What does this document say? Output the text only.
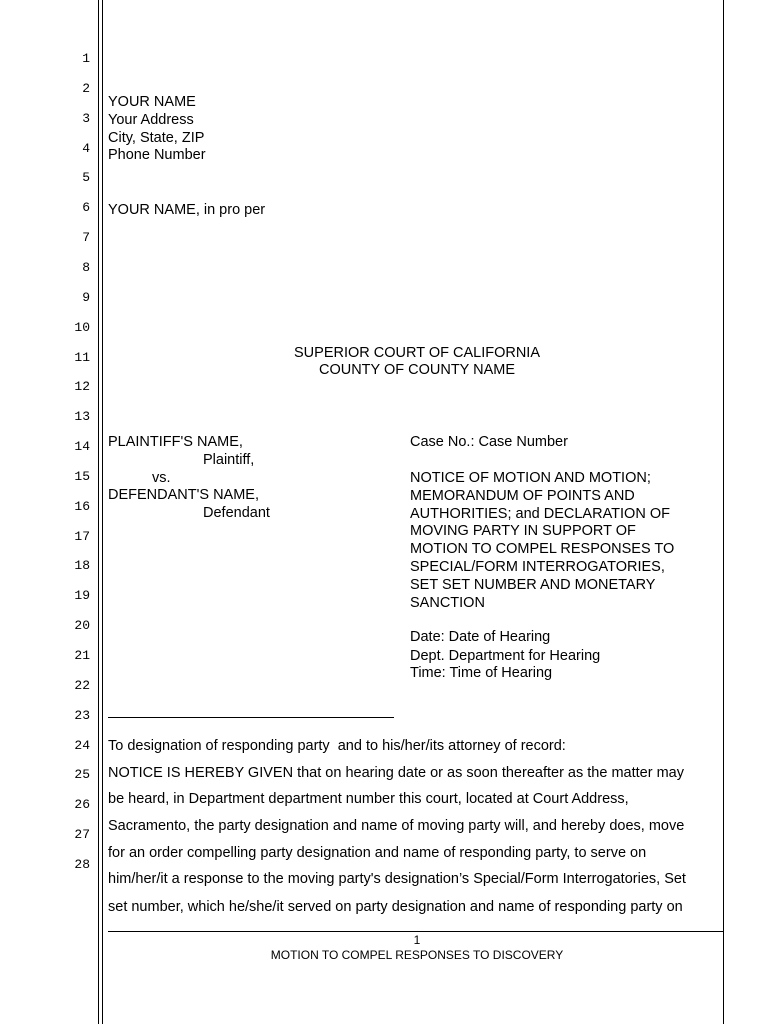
1
2
3
4
5
6
7
8
9
10
11
12
13
14
15
16
17
18
19
20
21
22
23
24
25
26
27
28
YOUR NAME
Your Address
City, State, ZIP
Phone Number
YOUR NAME, in pro per
SUPERIOR COURT OF CALIFORNIA
COUNTY OF COUNTY NAME
PLAINTIFF'S NAME,
Plaintiff,
vs.
DEFENDANT'S NAME,
Defendant
Case No.: Case Number
NOTICE OF MOTION AND MOTION;
MEMORANDUM OF POINTS AND
AUTHORITIES; and DECLARATION OF
MOVING PARTY IN SUPPORT OF
MOTION TO COMPEL RESPONSES TO
SPECIAL/FORM INTERROGATORIES,
SET SET NUMBER AND MONETARY
SANCTION
Date: Date of Hearing
Dept. Department for Hearing
Time: Time of Hearing
To designation of responding party  and to his/her/its attorney of record:
NOTICE IS HEREBY GIVEN that on hearing date or as soon thereafter as the matter may
be heard, in Department department number this court, located at Court Address,
Sacramento, the party designation and name of moving party will, and hereby does, move
for an order compelling party designation and name of responding party, to serve on
him/her/it a response to the moving party's designation’s Special/Form Interrogatories, Set
set number, which he/she/it served on party designation and name of responding party on
1
MOTION TO COMPEL RESPONSES TO DISCOVERY
